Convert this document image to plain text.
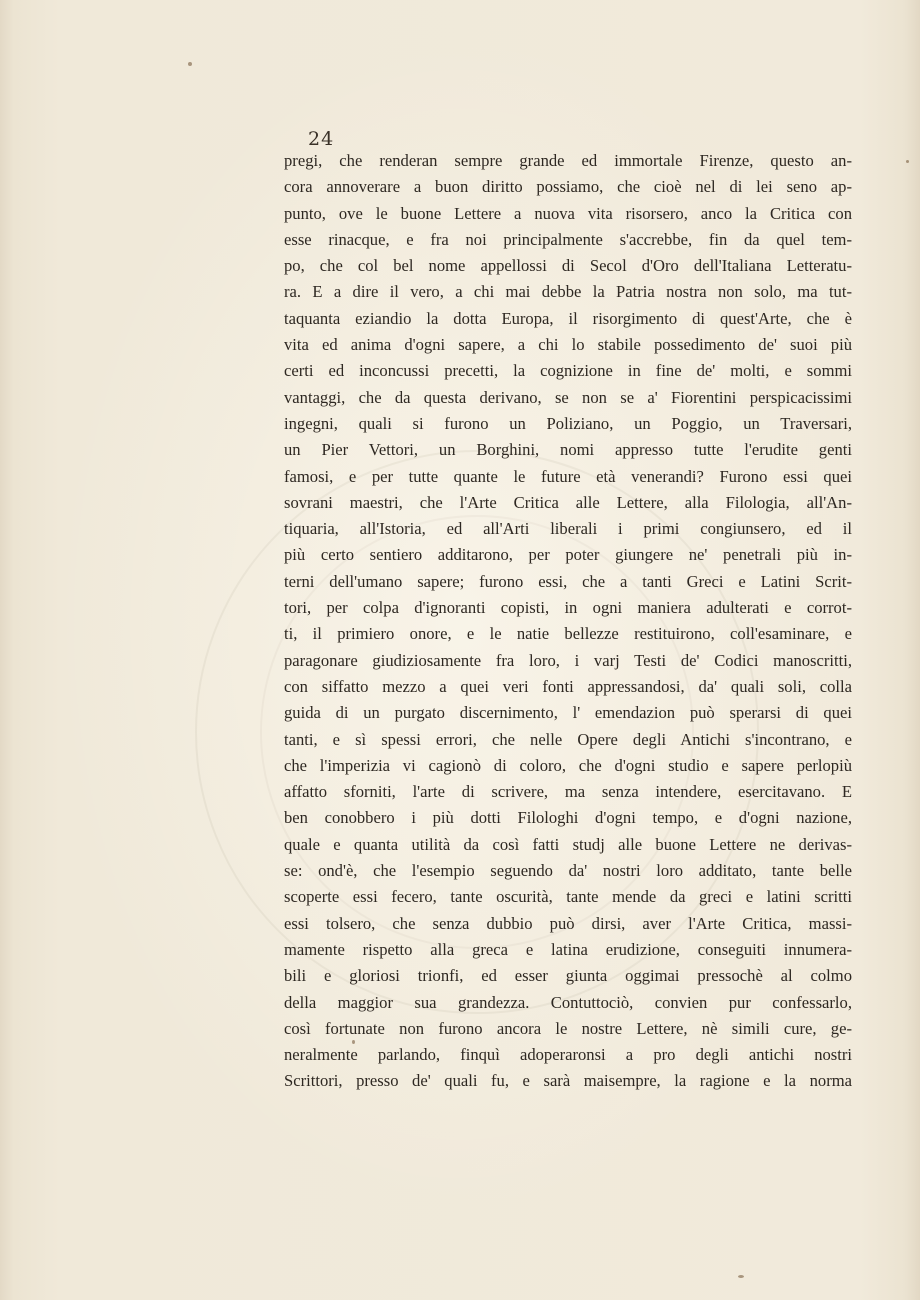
24
pregi, che renderan sempre grande ed immortale Firenze, questo an-
cora annoverare a buon diritto possiamo, che cioè nel di lei seno ap-
punto, ove le buone Lettere a nuova vita risorsero, anco la Critica con
esse rinacque, e fra noi principalmente s'accrebbe, fin da quel tem-
po, che col bel nome appellossi di Secol d'Oro dell'Italiana Letteratu-
ra. E a dire il vero, a chi mai debbe la Patria nostra non solo, ma tut-
taquanta eziandio la dotta Europa, il risorgimento di quest'Arte, che è
vita ed anima d'ogni sapere, a chi lo stabile possedimento de' suoi più
certi ed inconcussi precetti, la cognizione in fine de' molti, e sommi
vantaggi, che da questa derivano, se non se a' Fiorentini perspicacissimi
ingegni, quali si furono un Poliziano, un Poggio, un Traversari,
un Pier Vettori, un Borghini, nomi appresso tutte l'erudite genti
famosi, e per tutte quante le future età venerandi? Furono essi quei
sovrani maestri, che l'Arte Critica alle Lettere, alla Filologia, all'An-
tiquaria, all'Istoria, ed all'Arti liberali i primi congiunsero, ed il
più certo sentiero additarono, per poter giungere ne' penetrali più in-
terni dell'umano sapere; furono essi, che a tanti Greci e Latini Scrit-
tori, per colpa d'ignoranti copisti, in ogni maniera adulterati e corrot-
ti, il primiero onore, e le natie bellezze restituirono, coll'esaminare, e
paragonare giudiziosamente fra loro, i varj Testi de' Codici manoscritti,
con siffatto mezzo a quei veri fonti appressandosi, da' quali soli, colla
guida di un purgato discernimento, l' emendazion può sperarsi di quei
tanti, e sì spessi errori, che nelle Opere degli Antichi s'incontrano, e
che l'imperizia vi cagionò di coloro, che d'ogni studio e sapere perlopiù
affatto sforniti, l'arte di scrivere, ma senza intendere, esercitavano. E
ben conobbero i più dotti Filologhi d'ogni tempo, e d'ogni nazione,
quale e quanta utilità da così fatti studj alle buone Lettere ne derivas-
se: ond'è, che l'esempio seguendo da' nostri loro additato, tante belle
scoperte essi fecero, tante oscurità, tante mende da greci e latini scritti
essi tolsero, che senza dubbio può dirsi, aver l'Arte Critica, massi-
mamente rispetto alla greca e latina erudizione, conseguiti innumera-
bili e gloriosi trionfi, ed esser giunta oggimai pressochè al colmo
della maggior sua grandezza. Contuttociò, convien pur confessarlo,
così fortunate non furono ancora le nostre Lettere, nè simili cure, ge-
neralmente parlando, finquì adoperaronsi a pro degli antichi nostri
Scrittori, presso de' quali fu, e sarà maisempre, la ragione e la norma
